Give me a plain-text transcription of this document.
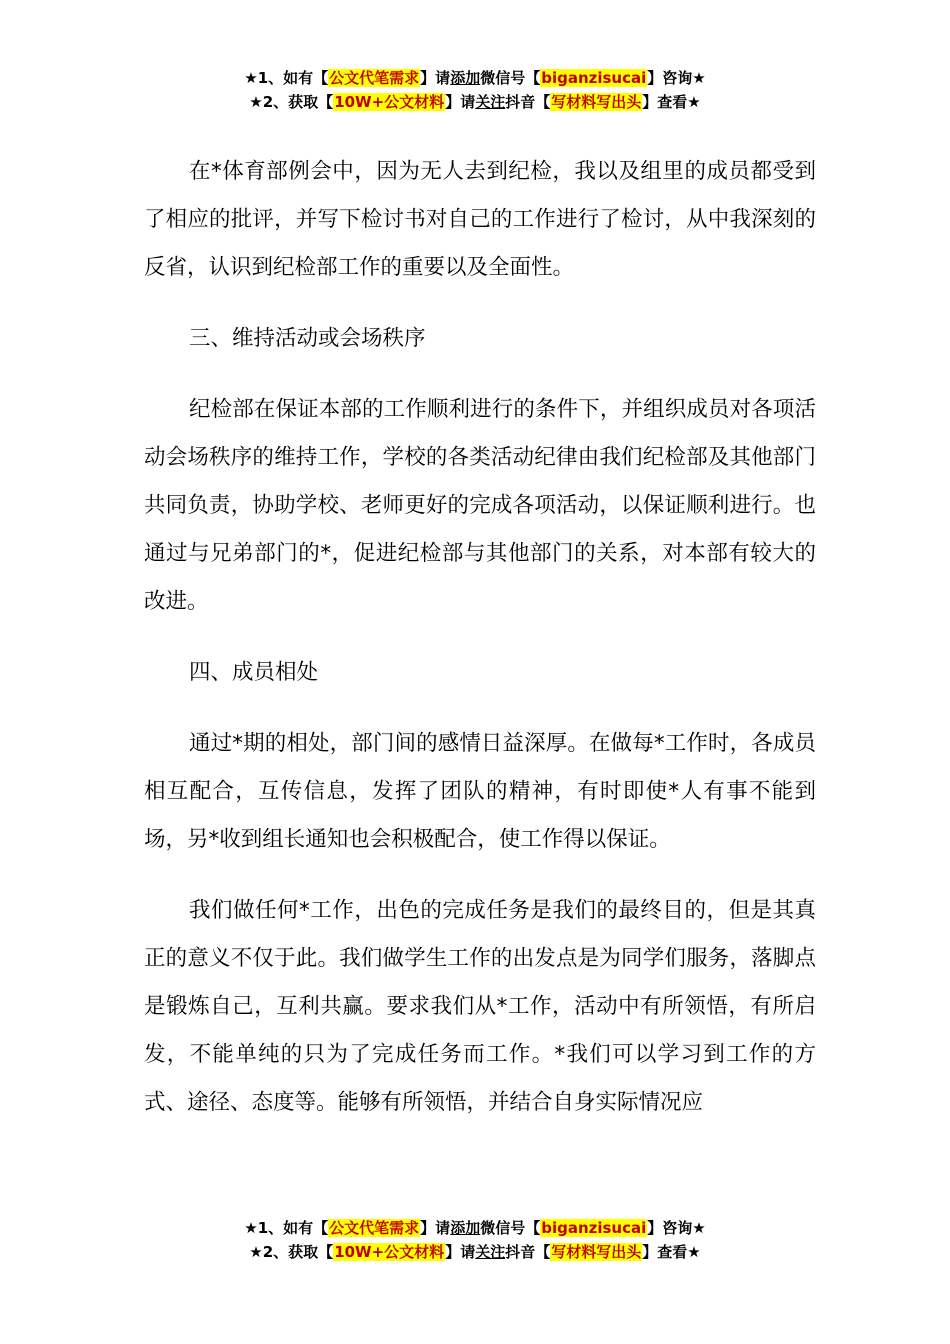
★1、如有【公文代笔需求】请添加微信号【biganzisucai】咨询★
★2、获取【10W+公文材料】请关注抖音【写材料写出头】查看★

在*体育部例会中，因为无人去到纪检，我以及组里的成员都受到了相应的批评，并写下检讨书对自己的工作进行了检讨，从中我深刻的反省，认识到纪检部工作的重要以及全面性。

三、维持活动或会场秩序

纪检部在保证本部的工作顺利进行的条件下，并组织成员对各项活动会场秩序的维持工作，学校的各类活动纪律由我们纪检部及其他部门共同负责，协助学校、老师更好的完成各项活动，以保证顺利进行。也通过与兄弟部门的*，促进纪检部与其他部门的关系，对本部有较大的改进。

四、成员相处

通过*期的相处，部门间的感情日益深厚。在做每*工作时，各成员相互配合，互传信息，发挥了团队的精神，有时即使*人有事不能到场，另*收到组长通知也会积极配合，使工作得以保证。

我们做任何*工作，出色的完成任务是我们的最终目的，但是其真正的意义不仅于此。我们做学生工作的出发点是为同学们服务，落脚点是锻炼自己，互利共赢。要求我们从*工作，活动中有所领悟，有所启发，不能单纯的只为了完成任务而工作。*我们可以学习到工作的方式、途径、态度等。能够有所领悟，并结合自身实际情况应

★1、如有【公文代笔需求】请添加微信号【biganzisucai】咨询★
★2、获取【10W+公文材料】请关注抖音【写材料写出头】查看★
